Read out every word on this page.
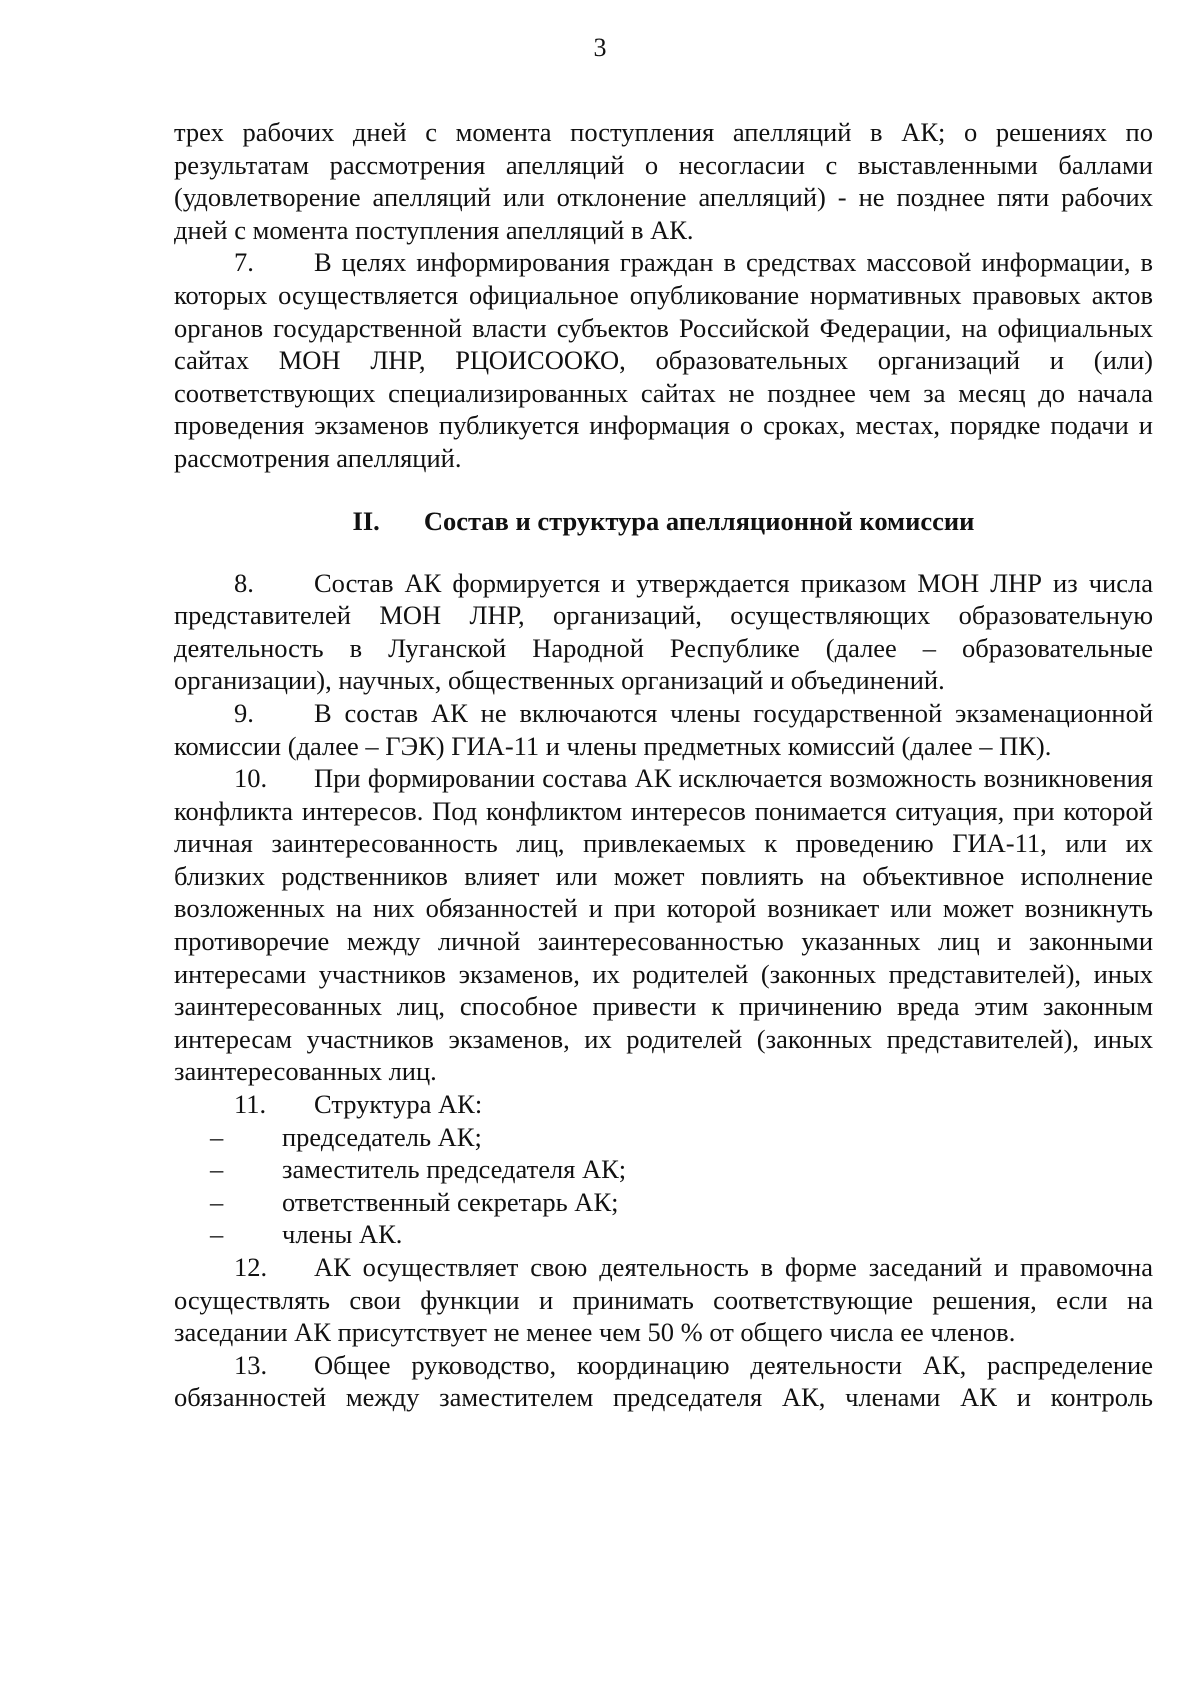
3

трех рабочих дней с момента поступления апелляций в АК; о решениях по результатам рассмотрения апелляций о несогласии с выставленными баллами (удовлетворение апелляций или отклонение апелляций) - не позднее пяти рабочих дней с момента поступления апелляций в АК.

7. В целях информирования граждан в средствах массовой информации, в которых осуществляется официальное опубликование нормативных правовых актов органов государственной власти субъектов Российской Федерации, на официальных сайтах МОН ЛНР, РЦОИСООКО, образовательных организаций и (или) соответствующих специализированных сайтах не позднее чем за месяц до начала проведения экзаменов публикуется информация о сроках, местах, порядке подачи и рассмотрения апелляций.

II. Состав и структура апелляционной комиссии

8. Состав АК формируется и утверждается приказом МОН ЛНР из числа представителей МОН ЛНР, организаций, осуществляющих образовательную деятельность в Луганской Народной Республике (далее – образовательные организации), научных, общественных организаций и объединений.

9. В состав АК не включаются члены государственной экзаменационной комиссии (далее – ГЭК) ГИА-11 и члены предметных комиссий (далее – ПК).

10. При формировании состава АК исключается возможность возникновения конфликта интересов. Под конфликтом интересов понимается ситуация, при которой личная заинтересованность лиц, привлекаемых к проведению ГИА-11, или их близких родственников влияет или может повлиять на объективное исполнение возложенных на них обязанностей и при которой возникает или может возникнуть противоречие между личной заинтересованностью указанных лиц и законными интересами участников экзаменов, их родителей (законных представителей), иных заинтересованных лиц, способное привести к причинению вреда этим законным интересам участников экзаменов, их родителей (законных представителей), иных заинтересованных лиц.

11. Структура АК:

– председатель АК;

– заместитель председателя АК;

– ответственный секретарь АК;

– члены АК.

12. АК осуществляет свою деятельность в форме заседаний и правомочна осуществлять свои функции и принимать соответствующие решения, если на заседании АК присутствует не менее чем 50 % от общего числа ее членов.

13. Общее руководство, координацию деятельности АК, распределение обязанностей между заместителем председателя АК, членами АК и контроль
